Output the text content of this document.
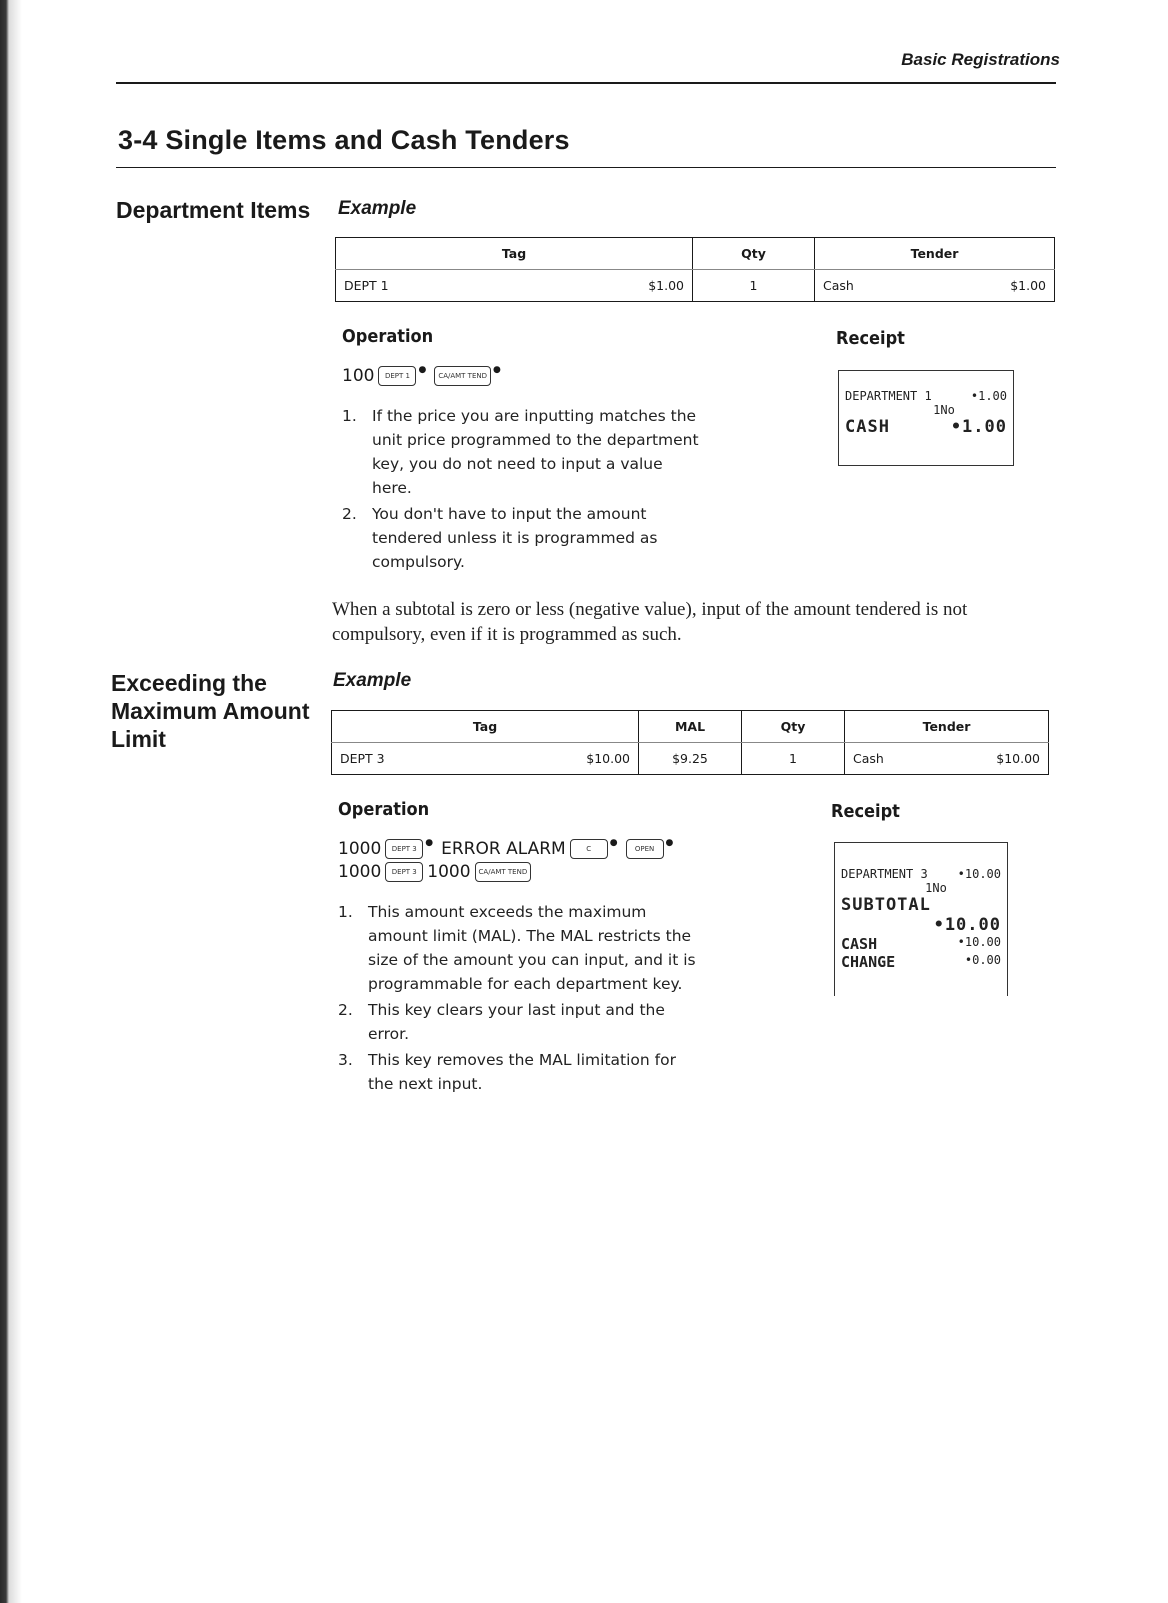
Basic Registrations
3-4 Single Items and Cash Tenders
Department Items Example
Tag	Qty	Tender

DEPT 1 $1.00	1	Cash $1.00
Operation
100	DEPT 1
●
CA/AMT TEND
●
1. If the price you are inputting matches the unit price programmed to the department key, you do not need to input a value here.
2. You don't have to input the amount tendered unless it is programmed as compulsory.
Receipt
DEPARTMENT 1	•1.00
1No
CASH	•1.00
When a subtotal is zero or less (negative value), input of the amount tendered is not compulsory, even if it is programmed as such.
Exceeding the Maximum Amount Limit
Example
Tag	MAL	Qty	Tender

DEPT 3 $10.00	$9.25	1	Cash $10.00
Operation
1000	DEPT 3
● ERROR ALARM	C
●
OPEN
●
1000	DEPT 3 1000	CA/AMT TEND
1. This amount exceeds the maximum amount limit (MAL). The MAL restricts the size of the amount you can input, and it is programmable for each department key.
2. This key clears your last input and the error.
3. This key removes the MAL limitation for the next input.
Receipt
DEPARTMENT 3 •10.00
1No
SUBTOTAL
•10.00
CASH	•10.00
CHANGE	•0.00
